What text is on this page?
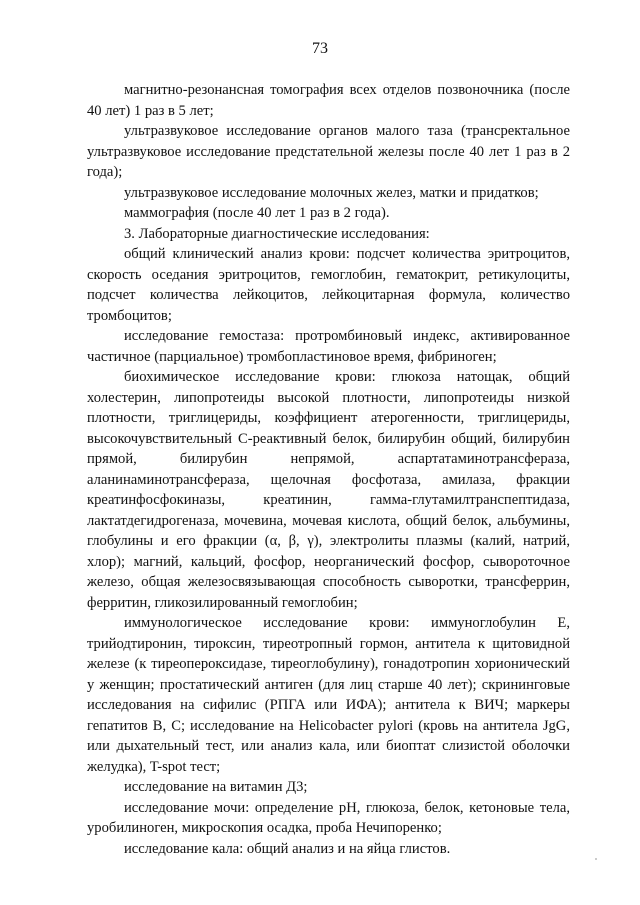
73

магнитно-резонансная томография всех отделов позвоночника (после 40 лет) 1 раз в 5 лет;

ультразвуковое исследование органов малого таза (трансректальное ультразвуковое исследование предстательной железы после 40 лет 1 раз в 2 года);

ультразвуковое исследование молочных желез, матки и придатков;

маммография (после 40 лет 1 раз в 2 года).

3. Лабораторные диагностические исследования:

общий клинический анализ крови: подсчет количества эритроцитов, скорость оседания эритроцитов, гемоглобин, гематокрит, ретикулоциты, подсчет количества лейкоцитов, лейкоцитарная формула, количество тромбоцитов;

исследование гемостаза: протромбиновый индекс, активированное частичное (парциальное) тромбопластиновое время, фибриноген;

биохимическое исследование крови: глюкоза натощак, общий холестерин, липопротеиды высокой плотности, липопротеиды низкой плотности, триглицериды, коэффициент атерогенности, триглицериды, высокочувствительный С-реактивный белок, билирубин общий, билирубин прямой, билирубин непрямой, аспартатаминотрансфераза, аланинаминотрансфераза, щелочная фосфотаза, амилаза, фракции креатинфосфокиназы, креатинин, гамма-глутамилтранспептидаза, лактатдегидрогеназа, мочевина, мочевая кислота, общий белок, альбумины, глобулины и его фракции (α, β, γ), электролиты плазмы (калий, натрий, хлор); магний, кальций, фосфор, неорганический фосфор, сывороточное железо, общая железосвязывающая способность сыворотки, трансферрин, ферритин, гликозилированный гемоглобин;

иммунологическое исследование крови: иммуноглобулин Е, трийодтиронин, тироксин, тиреотропный гормон, антитела к щитовидной железе (к тиреопероксидазе, тиреоглобулину), гонадотропин хорионический у женщин; простатический антиген (для лиц старше 40 лет); скрининговые исследования на сифилис (РПГА или ИФА); антитела к ВИЧ; маркеры гепатитов В, С; исследование на Helicobacter pylori (кровь на антитела JgG, или дыхательный тест, или анализ кала, или биоптат слизистой оболочки желудка), T-spot тест;

исследование на витамин Д3;

исследование мочи: определение pH, глюкоза, белок, кетоновые тела, уробилиноген, микроскопия осадка, проба Нечипоренко;

исследование кала: общий анализ и на яйца глистов.
